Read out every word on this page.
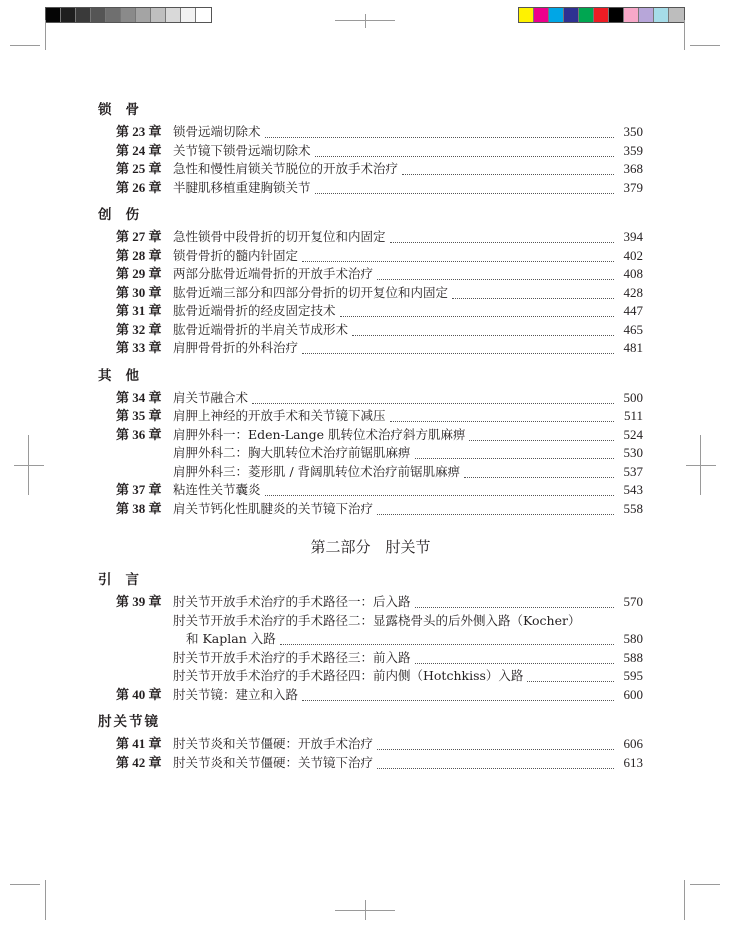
锁骨
第 23 章 锁骨远端切除术	350
第 24 章 关节镜下锁骨远端切除术	359
第 25 章 急性和慢性肩锁关节脱位的开放手术治疗	368
第 26 章 半腱肌移植重建胸锁关节	379
创伤
第 27 章 急性锁骨中段骨折的切开复位和内固定	394
第 28 章 锁骨骨折的髓内针固定	402
第 29 章 两部分肱骨近端骨折的开放手术治疗	408
第 30 章 肱骨近端三部分和四部分骨折的切开复位和内固定	428
第 31 章 肱骨近端骨折的经皮固定技术	447
第 32 章 肱骨近端骨折的半肩关节成形术	465
第 33 章 肩胛骨骨折的外科治疗	481
其他
第 34 章 肩关节融合术	500
第 35 章 肩胛上神经的开放手术和关节镜下减压	511
第 36 章 肩胛外科一：Eden-Lange 肌转位术治疗斜方肌麻痹	524
肩胛外科二：胸大肌转位术治疗前锯肌麻痹	530
肩胛外科三：菱形肌 / 背阔肌转位术治疗前锯肌麻痹	537
第 37 章 粘连性关节囊炎	543
第 38 章 肩关节钙化性肌腱炎的关节镜下治疗	558
第二部分　肘关节
引言
第 39 章 肘关节开放手术治疗的手术路径一：后入路	570
肘关节开放手术治疗的手术路径二：显露桡骨头的后外侧入路（Kocher）
和 Kaplan 入路	580
肘关节开放手术治疗的手术路径三：前入路	588
肘关节开放手术治疗的手术路径四：前内侧（Hotchkiss）入路	595
第 40 章 肘关节镜：建立和入路	600
肘关节镜
第 41 章 肘关节炎和关节僵硬：开放手术治疗	606
第 42 章 肘关节炎和关节僵硬：关节镜下治疗	613
